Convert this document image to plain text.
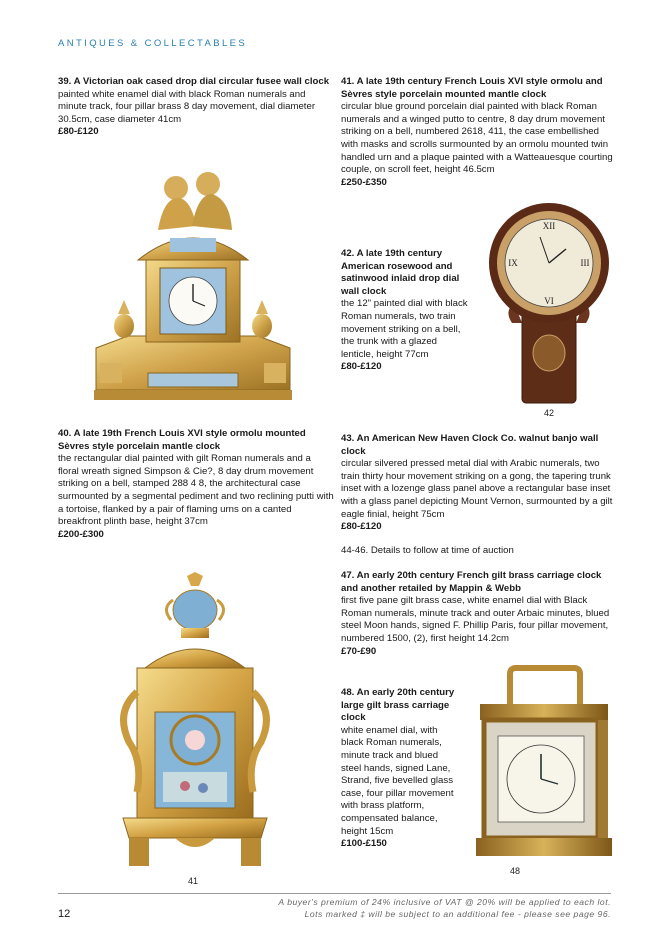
ANTIQUES & COLLECTABLES
39. A Victorian oak cased drop dial circular fusee wall clock
painted white enamel dial with black Roman numerals and minute track, four pillar brass 8 day movement, dial diameter 30.5cm, case diameter 41cm
£80-£120
41. A late 19th century French Louis XVI style ormolu and Sèvres style porcelain mounted mantle clock
circular blue ground porcelain dial painted with black Roman numerals and a winged putto to centre, 8 day drum movement striking on a bell, numbered 2618, 411, the case embellished with masks and scrolls surmounted by an ormolu mounted twin handled urn and a plaque painted with a Watteauesque courting couple, on scroll feet, height 46.5cm
£250-£350
42. A late 19th century American rosewood and satinwood inlaid drop dial wall clock
the 12" painted dial with black Roman numerals, two train movement striking on a bell, the trunk with a glazed lenticle, height 77cm
£80-£120
XII
III
VI
IX
42
40. A late 19th French Louis XVI style ormolu mounted Sèvres style porcelain mantle clock
the rectangular dial painted with gilt Roman numerals and a floral wreath signed Simpson & Cie?, 8 day drum movement striking on a bell, stamped 288 4 8, the architectural case surmounted by a segmental pediment and two reclining putti with a tortoise, flanked by a pair of flaming urns on a canted breakfront plinth base, height 37cm
£200-£300
43. An American New Haven Clock Co. walnut banjo wall clock
circular silvered pressed metal dial with Arabic numerals, two train thirty hour movement striking on a gong, the tapering trunk inset with a lozenge glass panel above a rectangular base inset with a glass panel depicting Mount Vernon, surmounted by a gilt eagle finial, height 75cm
£80-£120
44-46. Details to follow at time of auction
47. An early 20th century French gilt brass carriage clock and another retailed by Mappin & Webb
first five pane gilt brass case, white enamel dial with Black Roman numerals, minute track and outer Arbaic minutes, blued steel Moon hands, signed F. Phillip Paris, four pillar movement, numbered 1500, (2), first height 14.2cm
£70-£90
41
48. An early 20th century large gilt brass carriage clock
white enamel dial, with black Roman numerals, minute track and blued steel hands, signed Lane, Strand, five bevelled glass case, four pillar movement with brass platform, compensated balance, height 15cm
£100-£150
48
12
A buyer's premium of 24% inclusive of VAT @ 20% will be applied to each lot.
Lots marked ‡ will be subject to an additional fee - please see page 96.
